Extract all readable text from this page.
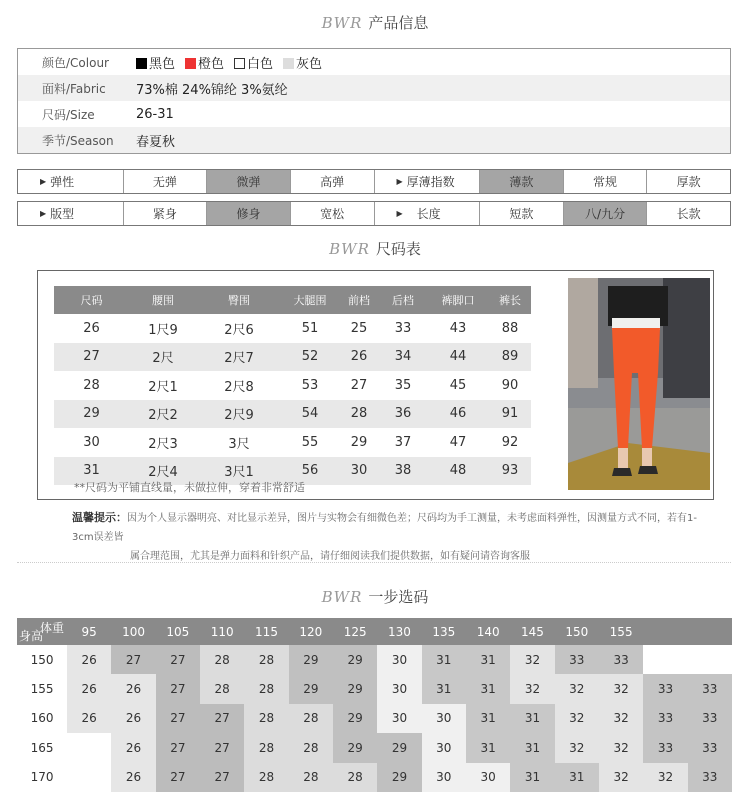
BWR 产品信息
颜色/Colour	黑色 橙色 白色 灰色
面料/Fabric	73%棉 24%锦纶 3%氨纶
尺码/Size	26-31
季节/Season	春夏秋
▶ 弹性	无弹	微弹	高弹	▶ 厚薄指数	薄款	常规	厚款
▶ 版型	紧身	修身	宽松	▶ 长度	短款	八/九分	长款
BWR 尺码表
尺码	腰围	臀围	大腿围	前档	后档	裤脚口	裤长
26	1尺9	2尺6	51	25	33	43	88
27	2尺	2尺7	52	26	34	44	89
28	2尺1	2尺8	53	27	35	45	90
29	2尺2	2尺9	54	28	36	46	91
30	2尺3	3尺	55	29	37	47	92
31	2尺4	3尺1	56	30	38	48	93
**尺码为平铺直线量，未做拉伸，穿着非常舒适
温馨提示：因为个人显示器明亮、对比显示差异，图片与实物会有细微色差；尺码均为手工测量，未考虑面料弹性，因测量方式不同，若有1-3cm误差皆
属合理范围，尤其是弹力面料和针织产品，请仔细阅读我们提供数据，如有疑问请咨询客服
BWR 一步选码
体重
身高	95	100	105	110	115	120	125	130	135	140	145	150	155		
150	26	27	27	28	28	29	29	30	31	31	32	33	33		
155	26	26	27	28	28	29	29	30	31	31	32	32	32	33	33
160	26	26	27	27	28	28	29	30	30	31	31	32	32	33	33
165		26	27	27	28	28	29	29	30	31	31	32	32	33	33
170		26	27	27	28	28	28	29	30	30	31	31	32	32	33
